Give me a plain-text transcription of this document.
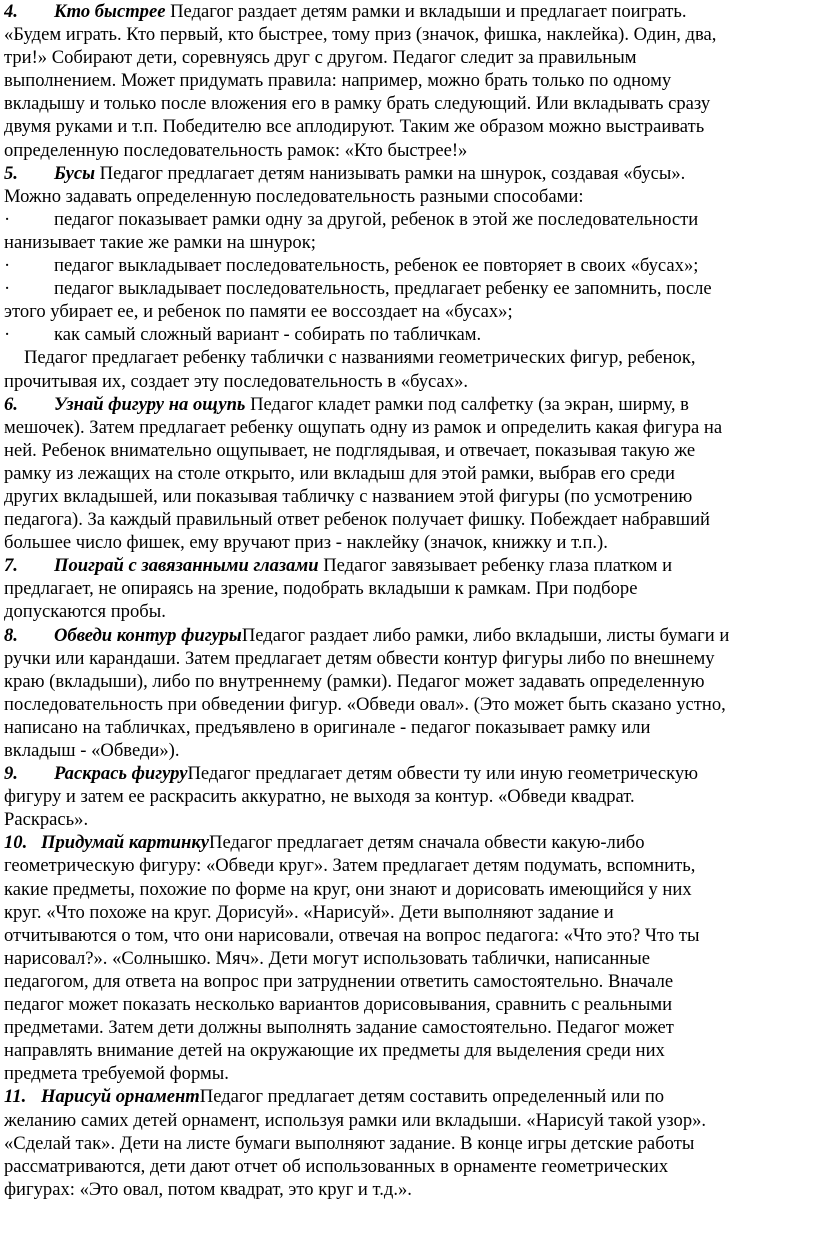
4. Кто быстрее Педагог раздает детям рамки и вкладыши и предлагает поиграть.
«Будем играть. Кто первый, кто быстрее, тому приз (значок, фишка, наклейка). Один, два,
три!» Собирают дети, соревнуясь друг с другом. Педагог следит за правильным
выполнением. Может придумать правила: например, можно брать только по одному
вкладышу и только после вложения его в рамку брать следующий. Или вкладывать сразу
двумя руками и т.п. Победителю все аплодируют. Таким же образом можно выстраивать
определенную последовательность рамок: «Кто быстрее!»
5. Бусы Педагог предлагает детям нанизывать рамки на шнурок, создавая «бусы».
Можно задавать определенную последовательность разными способами:
· педагог показывает рамки одну за другой, ребенок в этой же последовательности
нанизывает такие же рамки на шнурок;
· педагог выкладывает последовательность, ребенок ее повторяет в своих «бусах»;
· педагог выкладывает последовательность, предлагает ребенку ее запомнить, после
этого убирает ее, и ребенок по памяти ее воссоздает на «бусах»;
· как самый сложный вариант - собирать по табличкам.
Педагог предлагает ребенку таблички с названиями геометрических фигур, ребенок,
прочитывая их, создает эту последовательность в «бусах».
6. Узнай фигуру на ощупь Педагог кладет рамки под салфетку (за экран, ширму, в
мешочек). Затем предлагает ребенку ощупать одну из рамок и определить какая фигура на
ней. Ребенок внимательно ощупывает, не подглядывая, и отвечает, показывая такую же
рамку из лежащих на столе открыто, или вкладыш для этой рамки, выбрав его среди
других вкладышей, или показывая табличку с названием этой фигуры (по усмотрению
педагога). За каждый правильный ответ ребенок получает фишку. Побеждает набравший
большее число фишек, ему вручают приз - наклейку (значок, книжку и т.п.).
7. Поиграй с завязанными глазами Педагог завязывает ребенку глаза платком и
предлагает, не опираясь на зрение, подобрать вкладыши к рамкам. При подборе
допускаются пробы.
8. Обведи контур фигурыПедагог раздает либо рамки, либо вкладыши, листы бумаги и
ручки или карандаши. Затем предлагает детям обвести контур фигуры либо по внешнему
краю (вкладыши), либо по внутреннему (рамки). Педагог может задавать определенную
последовательность при обведении фигур. «Обведи овал». (Это может быть сказано устно,
написано на табличках, предъявлено в оригинале - педагог показывает рамку или
вкладыш - «Обведи»).
9. Раскрась фигуруПедагог предлагает детям обвести ту или иную геометрическую
фигуру и затем ее раскрасить аккуратно, не выходя за контур. «Обведи квадрат.
Раскрась».
10. Придумай картинкуПедагог предлагает детям сначала обвести какую-либо
геометрическую фигуру: «Обведи круг». Затем предлагает детям подумать, вспомнить,
какие предметы, похожие по форме на круг, они знают и дорисовать имеющийся у них
круг. «Что похоже на круг. Дорисуй». «Нарисуй». Дети выполняют задание и
отчитываются о том, что они нарисовали, отвечая на вопрос педагога: «Что это? Что ты
нарисовал?». «Солнышко. Мяч». Дети могут использовать таблички, написанные
педагогом, для ответа на вопрос при затруднении ответить самостоятельно. Вначале
педагог может показать несколько вариантов дорисовывания, сравнить с реальными
предметами. Затем дети должны выполнять задание самостоятельно. Педагог может
направлять внимание детей на окружающие их предметы для выделения среди них
предмета требуемой формы.
11. Нарисуй орнаментПедагог предлагает детям составить определенный или по
желанию самих детей орнамент, используя рамки или вкладыши. «Нарисуй такой узор».
«Сделай так». Дети на листе бумаги выполняют задание. В конце игры детские работы
рассматриваются, дети дают отчет об использованных в орнаменте геометрических
фигурах: «Это овал, потом квадрат, это круг и т.д.».
